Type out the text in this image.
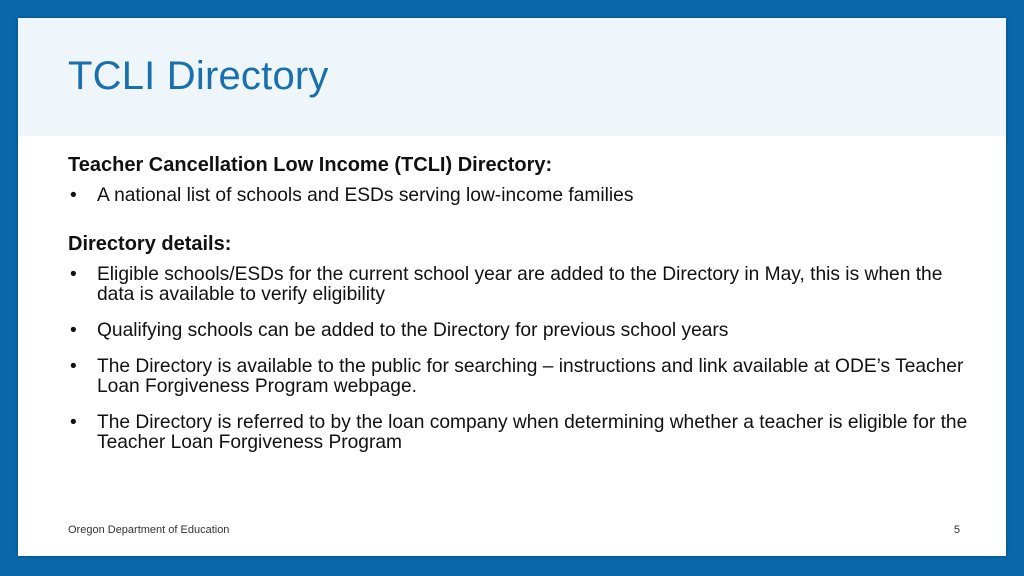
TCLI Directory

Teacher Cancellation Low Income (TCLI) Directory:

• A national list of schools and ESDs serving low-income families

Directory details:

• Eligible schools/ESDs for the current school year are added to the Directory in May, this is when the data is available to verify eligibility
• Qualifying schools can be added to the Directory for previous school years
• The Directory is available to the public for searching – instructions and link available at ODE’s Teacher Loan Forgiveness Program webpage.
• The Directory is referred to by the loan company when determining whether a teacher is eligible for the Teacher Loan Forgiveness Program
Oregon Department of Education	5
